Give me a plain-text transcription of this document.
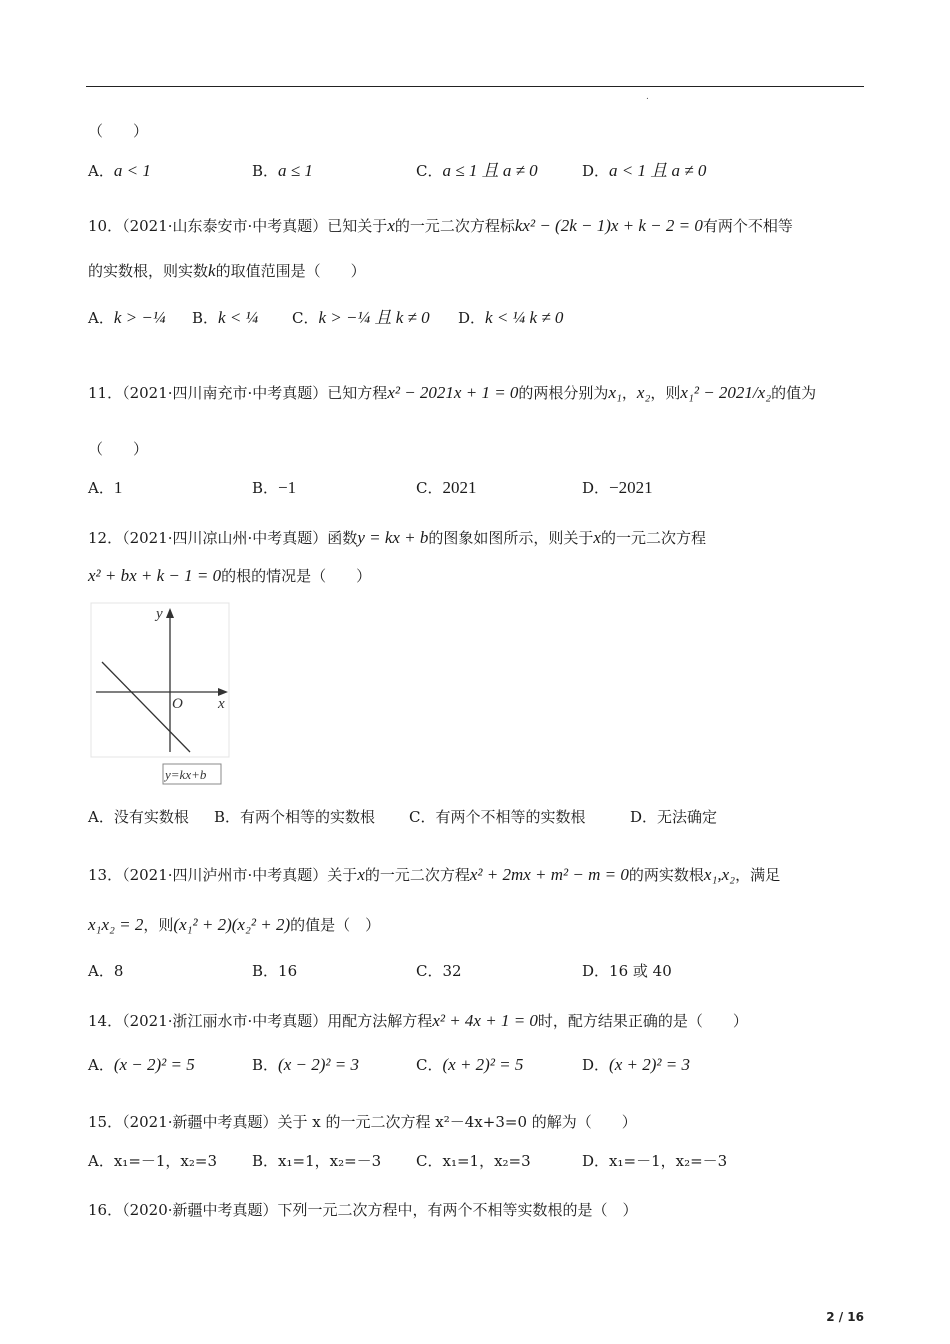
.
（　　）
A．a < 1	B．a ≤ 1	C．a ≤ 1 且 a ≠ 0	D．a < 1 且 a ≠ 0
10．（2021·山东泰安市·中考真题）已知关于x的一元二次方程标kx² − (2k − 1)x + k − 2 = 0有两个不相等
的实数根，则实数k的取值范围是（　　）
A．k > −¼ B．k < ¼ C．k > −¼ 且 k ≠ 0 D．k < ¼ k ≠ 0
11．（2021·四川南充市·中考真题）已知方程x² − 2021x + 1 = 0的两根分别为x₁，x₂，则x₁² − 2021/x₂的值为
（　　）
A．1	B．−1	C．2021	D．−2021
12．（2021·四川凉山州·中考真题）函数y = kx + b的图象如图所示，则关于x的一元二次方程
x² + bx + k − 1 = 0的根的情况是（　　）
y
x
O
y=kx+b
A．没有实数根 B．有两个相等的实数根 C．有两个不相等的实数根	D．无法确定
13．（2021·四川泸州市·中考真题）关于x的一元二次方程x² + 2mx + m² − m = 0的两实数根x₁,x₂，满足
x₁x₂ = 2，则(x₁² + 2)(x₂² + 2)的值是（　）
A．8	B．16	C．32	D．16 或 40
14．（2021·浙江丽水市·中考真题）用配方法解方程x² + 4x + 1 = 0时，配方结果正确的是（　　）
A．(x − 2)² = 5	B．(x − 2)² = 3	C．(x + 2)² = 5	D．(x + 2)² = 3
15．（2021·新疆中考真题）关于 x 的一元二次方程 x²－4x+3=0 的解为（　　）
A．x₁=－1，x₂=3 B．x₁=1，x₂=－3 C．x₁=1，x₂=3	D．x₁=－1，x₂=－3
16．（2020·新疆中考真题）下列一元二次方程中，有两个不相等实数根的是（　）
2 / 16
